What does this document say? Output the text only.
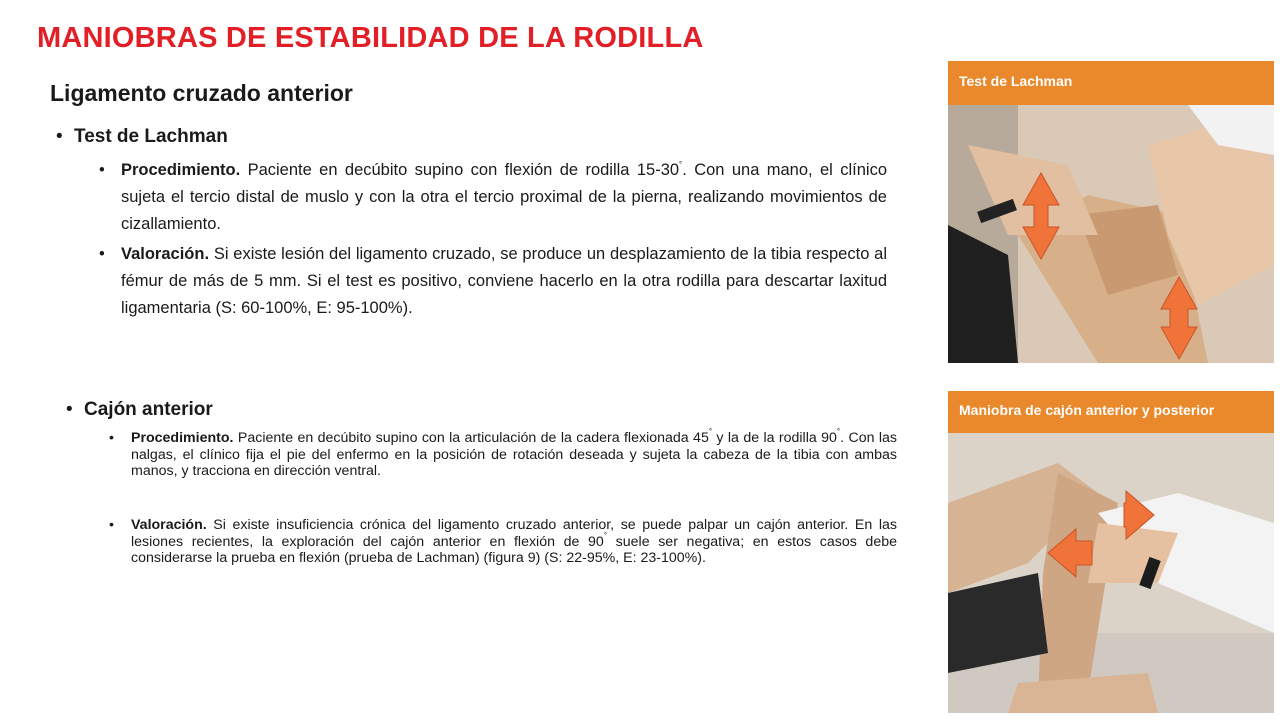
MANIOBRAS DE ESTABILIDAD DE LA RODILLA
Ligamento cruzado anterior
• Test de Lachman

• Procedimiento. Paciente en decúbito supino con flexión de rodilla 15-30°. Con una mano, el clínico sujeta el tercio distal de muslo y con la otra el tercio proximal de la pierna, realizando movimientos de cizallamiento.

• Valoración. Si existe lesión del ligamento cruzado, se produce un desplazamiento de la tibia respecto al fémur de más de 5 mm. Si el test es positivo, conviene hacerlo en la otra rodilla para descartar laxitud ligamentaria (S: 60-100%, E: 95-100%).

• Cajón anterior

• Procedimiento. Paciente en decúbito supino con la articulación de la cadera flexionada 45° y la de la rodilla 90°. Con las nalgas, el clínico fija el pie del enfermo en la posición de rotación deseada y sujeta la cabeza de la tibia con ambas manos, y tracciona en dirección ventral.

• Valoración. Si existe insuficiencia crónica del ligamento cruzado anterior, se puede palpar un cajón anterior. En las lesiones recientes, la exploración del cajón anterior en flexión de 90° suele ser negativa; en estos casos debe considerarse la prueba en flexión (prueba de Lachman) (figura 9) (S: 22-95%, E: 23-100%).

Test de Lachman
Maniobra de cajón anterior y posterior
